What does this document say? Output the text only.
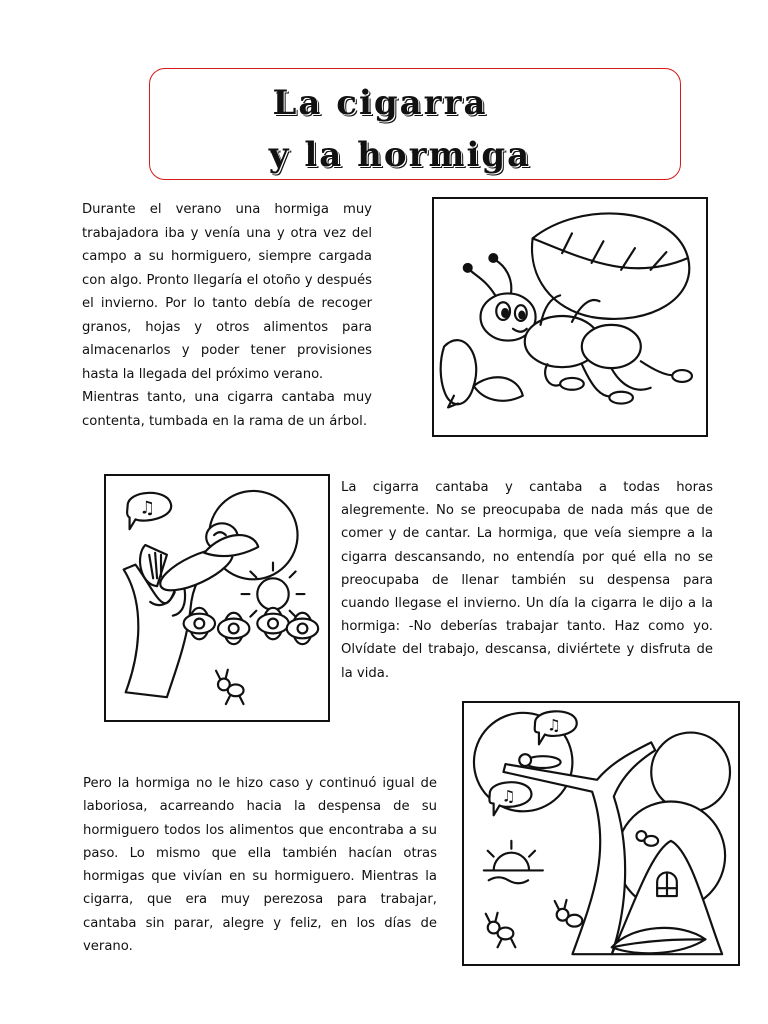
La cigarra
y la hormiga

Durante el verano una hormiga muy trabajadora iba y venía una y otra vez del campo a su hormiguero, siempre cargada con algo. Pronto llegaría el otoño y después el invierno. Por lo tanto debía de recoger granos, hojas y otros alimentos para almacenarlos y poder tener provisiones hasta la llegada del próximo verano.

Mientras tanto, una cigarra cantaba muy contenta, tumbada en la rama de un árbol.

♫

La cigarra cantaba y cantaba a todas horas alegremente. No se preocupaba de nada más que de comer y de cantar. La hormiga, que veía siempre a la cigarra descansando, no entendía por qué ella no se preocupaba de llenar también su despensa para cuando llegase el invierno. Un día la cigarra le dijo a la hormiga: -No deberías trabajar tanto. Haz como yo. Olvídate del trabajo, descansa, diviértete y disfruta de la vida.

♫
♫

Pero la hormiga no le hizo caso y continuó igual de laboriosa, acarreando hacia la despensa de su hormiguero todos los alimentos que encontraba a su paso. Lo mismo que ella también hacían otras hormigas que vivían en su hormiguero. Mientras la cigarra, que era muy perezosa para trabajar, cantaba sin parar, alegre y feliz, en los días de verano.
